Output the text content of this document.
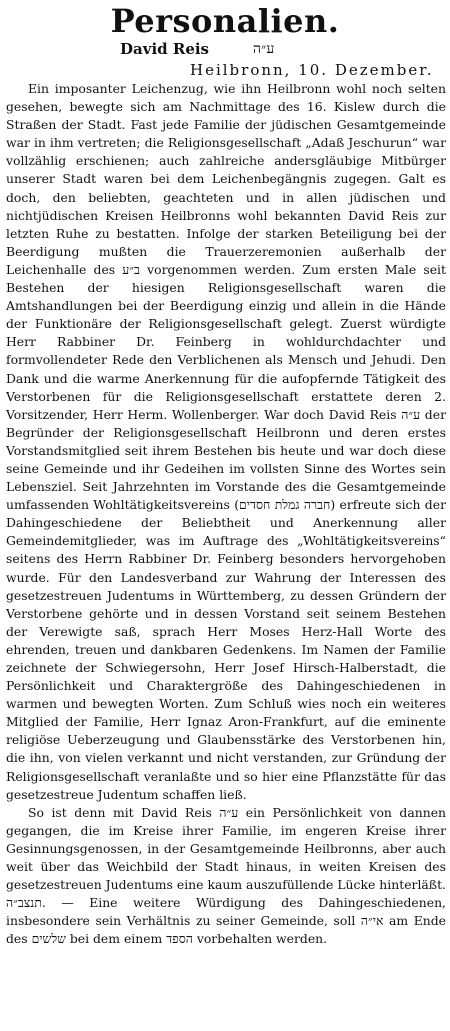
Personalien.
David Reis	ע״ה
Heilbronn, 10. Dezember.

Ein imposanter Leichenzug, wie ihn Heilbronn wohl noch selten gesehen, bewegte sich am Nachmittage des 16. Kislew durch die Straßen der Stadt. Fast jede Familie der jüdischen Gesamtgemeinde war in ihm vertreten; die Religionsgesellschaft „Adaß Jeschurun“ war vollzählig erschienen; auch zahlreiche andersgläubige Mitbürger unserer Stadt waren bei dem Leichenbegängnis zugegen. Galt es doch, den beliebten, geachteten und in allen jüdischen und nichtjüdischen Kreisen Heilbronns wohl bekannten David Reis zur letzten Ruhe zu bestatten. Infolge der starken Beteiligung bei der Beerdigung mußten die Trauerzeremonien außerhalb der Leichenhalle des ב״ע vorgenommen werden. Zum ersten Male seit Bestehen der hiesigen Religionsgesellschaft waren die Amtshandlungen bei der Beerdigung einzig und allein in die Hände der Funktionäre der Religionsgesellschaft gelegt. Zuerst würdigte Herr Rabbiner Dr. Feinberg in wohldurchdachter und formvollendeter Rede den Verblichenen als Mensch und Jehudi. Den Dank und die warme Anerkennung für die aufopfernde Tätigkeit des Verstorbenen für die Religionsgesellschaft erstattete deren 2. Vorsitzender, Herr Herm. Wollenberger. War doch David Reis ע״ה der Begründer der Religionsgesellschaft Heilbronn und deren erstes Vorstandsmitglied seit ihrem Bestehen bis heute und war doch diese seine Gemeinde und ihr Gedeihen im vollsten Sinne des Wortes sein Lebensziel. Seit Jahrzehnten im Vorstande des die Gesamtgemeinde umfassenden Wohltätigkeitsvereins (חברה גמלת חסדים) erfreute sich der Dahingeschiedene der Beliebtheit und Anerkennung aller Gemeindemitglieder, was im Auftrage des „Wohltätigkeitsvereins“ seitens des Herrn Rabbiner Dr. Feinberg besonders hervorgehoben wurde. Für den Landesverband zur Wahrung der Interessen des gesetzestreuen Judentums in Württemberg, zu dessen Gründern der Verstorbene gehörte und in dessen Vorstand seit seinem Bestehen der Verewigte saß, sprach Herr Moses Herz-Hall Worte des ehrenden, treuen und dankbaren Gedenkens. Im Namen der Familie zeichnete der Schwiegersohn, Herr Josef Hirsch-Halberstadt, die Persönlichkeit und Charaktergröße des Dahingeschiedenen in warmen und bewegten Worten. Zum Schluß wies noch ein weiteres Mitglied der Familie, Herr Ignaz Aron-Frankfurt, auf die eminente religiöse Ueberzeugung und Glaubensstärke des Verstorbenen hin, die ihn, von vielen verkannt und nicht verstanden, zur Gründung der Religionsgesellschaft veranlaßte und so hier eine Pflanzstätte für das gesetzestreue Judentum schaffen ließ.

So ist denn mit David Reis ע״ה ein Persönlichkeit von dannen gegangen, die im Kreise ihrer Familie, im engeren Kreise ihrer Gesinnungsgenossen, in der Gesamtgemeinde Heilbronns, aber auch weit über das Weichbild der Stadt hinaus, in weiten Kreisen des gesetzestreuen Judentums eine kaum auszufüllende Lücke hinterläßt. תנצב״ה. — Eine weitere Würdigung des Dahingeschiedenen, insbesondere sein Verhältnis zu seiner Gemeinde, soll אי״ה am Ende des שלשים bei dem einem הספד vorbehalten werden.
